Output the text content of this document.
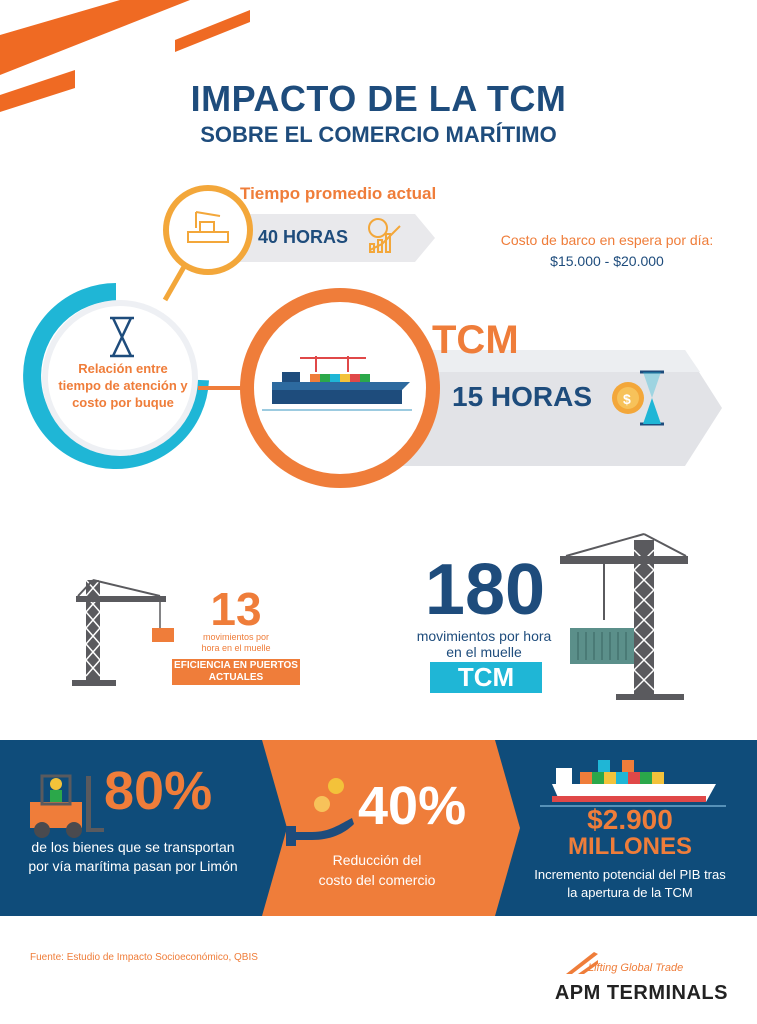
IMPACTO DE LA TCM
SOBRE EL COMERCIO MARÍTIMO
Tiempo promedio actual
$
40 HORAS	Costo de barco en espera por día:
$15.000 - $20.000
Relación entre tiempo de atención y costo por buque
TCM
15 HORAS
13
movimientos por hora en el muelle
EFICIENCIA EN PUERTOS ACTUALES
180
movimientos por hora en el muelle
TCM
80%
de los bienes que se transportan por vía marítima pasan por Limón
40%
Reducción del costo del comercio
$2.900
MILLONES
Incremento potencial del PIB tras la apertura de la TCM
Fuente: Estudio de Impacto Socioeconómico, QBIS
Lifting Global Trade
APM TERMINALS
